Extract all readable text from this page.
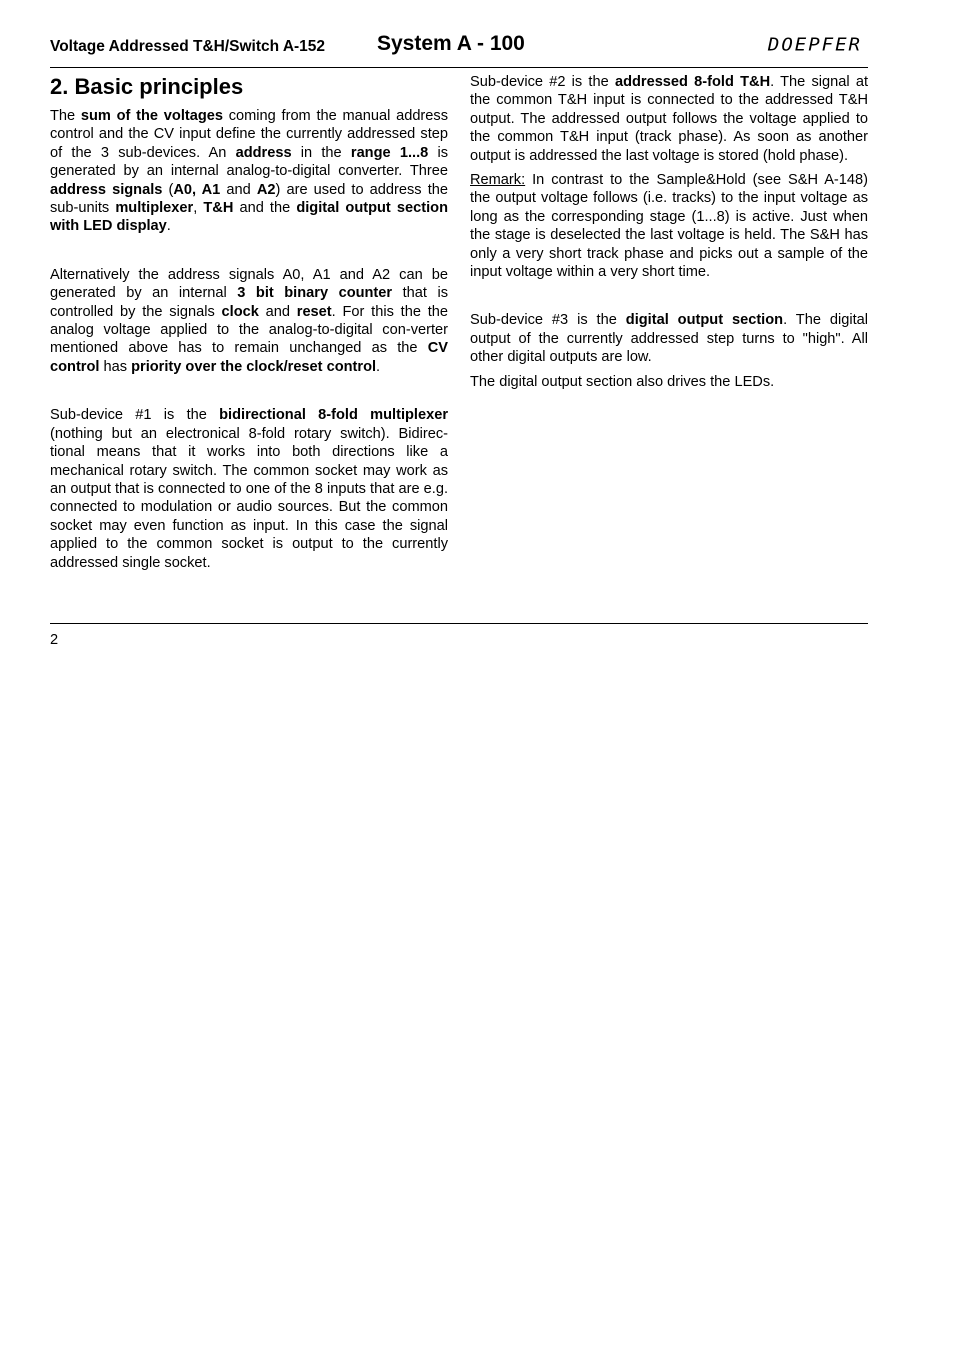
Voltage Addressed T&H/Switch A-152 System A - 100	DOEPFER
2. Basic principles

The sum of the voltages coming from the manual address control and the CV input define the currently addressed step of the 3 sub-devices. An address in the range 1...8 is generated by an internal analog-to-digital converter. Three address signals (A0, A1 and A2) are used to address the sub-units multiplexer, T&H and the digital output section with LED display.

Alternatively the address signals A0, A1 and A2 can be generated by an internal 3 bit binary counter that is controlled by the signals clock and reset. For this the the analog voltage applied to the analog-to-digital con-verter mentioned above has to remain unchanged as the CV control has priority over the clock/reset control.

Sub-device #1 is the bidirectional 8-fold multiplexer (nothing but an electronical 8-fold rotary switch). Bidirec-tional means that it works into both directions like a mechanical rotary switch. The common socket may work as an output that is connected to one of the 8 inputs that are e.g. connected to modulation or audio sources. But the common socket may even function as input. In this case the signal applied to the common socket is output to the currently addressed single socket.

Sub-device #2 is the addressed 8-fold T&H. The signal at the common T&H input is connected to the addressed T&H output. The addressed output follows the voltage applied to the common T&H input (track phase). As soon as another output is addressed the last voltage is stored (hold phase).

Remark: In contrast to the Sample&Hold (see S&H A-148) the output voltage follows (i.e. tracks) to the input voltage as long as the corresponding stage (1...8) is active. Just when the stage is deselected the last voltage is held. The S&H has only a very short track phase and picks out a sample of the input voltage within a very short time.

Sub-device #3 is the digital output section. The digital output of the currently addressed step turns to "high". All other digital outputs are low.

The digital output section also drives the LEDs.

2
